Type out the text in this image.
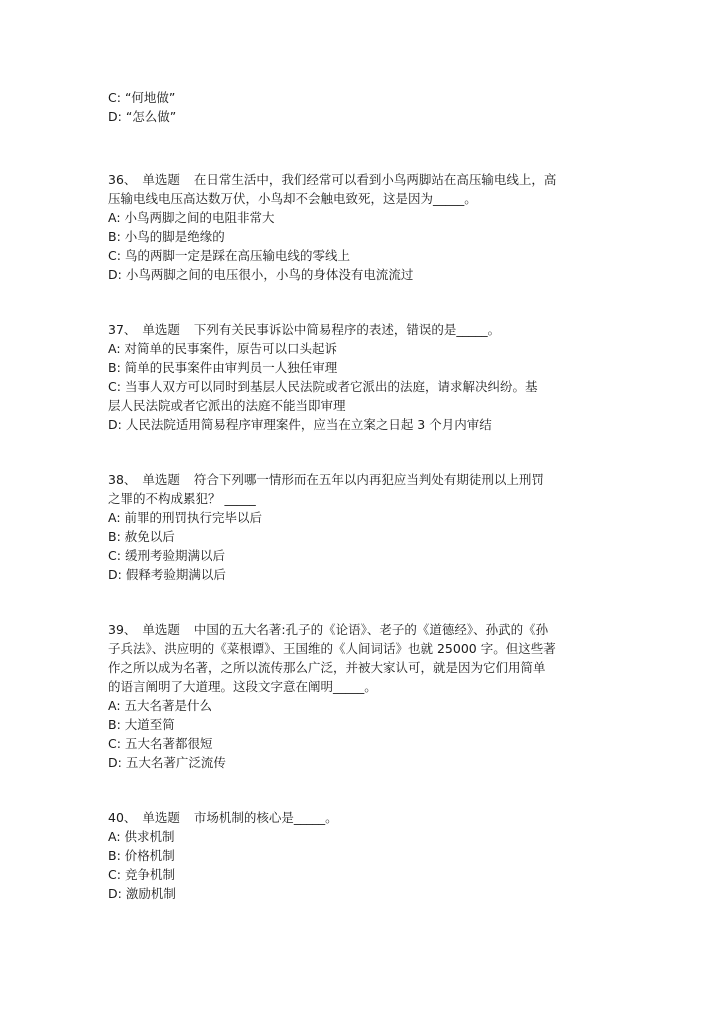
C: “何地做”
D: “怎么做”
36、 单选题 在日常生活中，我们经常可以看到小鸟两脚站在高压输电线上，高
压输电线电压高达数万伏，小鸟却不会触电致死，这是因为_____。
A: 小鸟两脚之间的电阻非常大
B: 小鸟的脚是绝缘的
C: 鸟的两脚一定是踩在高压输电线的零线上
D: 小鸟两脚之间的电压很小，小鸟的身体没有电流流过
37、 单选题 下列有关民事诉讼中简易程序的表述，错误的是_____。
A: 对简单的民事案件，原告可以口头起诉
B: 简单的民事案件由审判员一人独任审理
C: 当事人双方可以同时到基层人民法院或者它派出的法庭，请求解决纠纷。基
层人民法院或者它派出的法庭不能当即审理
D: 人民法院适用简易程序审理案件，应当在立案之日起 3 个月内审结
38、 单选题 符合下列哪一情形而在五年以内再犯应当判处有期徒刑以上刑罚
之罪的不构成累犯？ _____
A: 前罪的刑罚执行完毕以后
B: 赦免以后
C: 缓刑考验期满以后
D: 假释考验期满以后
39、 单选题 中国的五大名著:孔子的《论语》、老子的《道德经》、孙武的《孙
子兵法》、洪应明的《菜根谭》、王国维的《人间词话》也就 25000 字。但这些著
作之所以成为名著，之所以流传那么广泛，并被大家认可，就是因为它们用简单
的语言阐明了大道理。这段文字意在阐明_____。
A: 五大名著是什么
B: 大道至简
C: 五大名著都很短
D: 五大名著广泛流传
40、 单选题 市场机制的核心是_____。
A: 供求机制
B: 价格机制
C: 竞争机制
D: 激励机制
